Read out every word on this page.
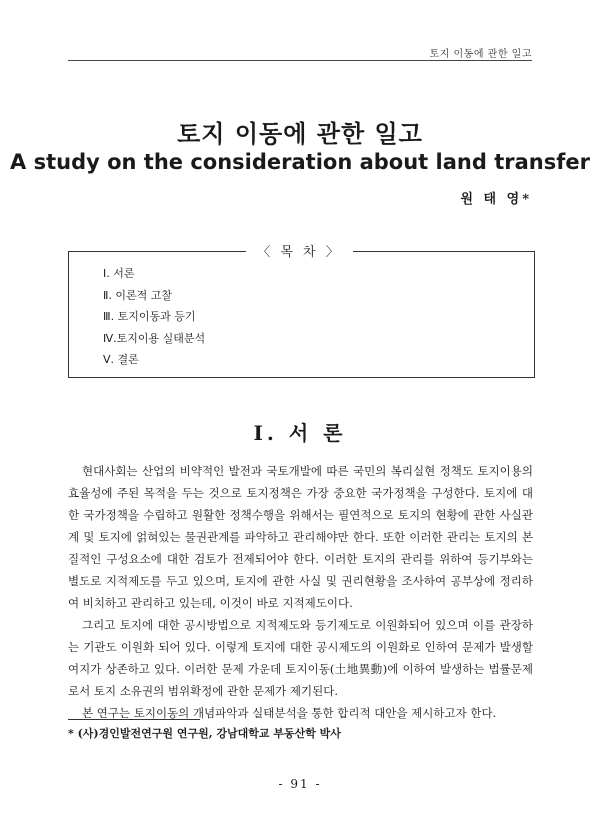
토지 이동에 관한 일고
토지 이동에 관한 일고
A study on the consideration about land transfer
원 태 영*
〈 목 차 〉
Ⅰ. 서론
Ⅱ. 이론적 고찰
Ⅲ. 토지이동과 등기
Ⅳ.토지이용 실태분석
Ⅴ. 결론
Ⅰ. 서 론

현대사회는 산업의 비약적인 발전과 국토개발에 따른 국민의 복리실현 정책도 토지이용의 효율성에 주된 목적을 두는 것으로 토지정책은 가장 중요한 국가정책을 구성한다. 토지에 대한 국가정책을 수립하고 원활한 정책수행을 위해서는 필연적으로 토지의 현황에 관한 사실관계 및 토지에 얽혀있는 물권관계를 파악하고 관리해야만 한다. 또한 이러한 관리는 토지의 본질적인 구성요소에 대한 검토가 전제되어야 한다. 이러한 토지의 관리를 위하여 등기부와는 별도로 지적제도를 두고 있으며, 토지에 관한 사실 및 권리현황을 조사하여 공부상에 정리하여 비치하고 관리하고 있는데, 이것이 바로 지적제도이다.

그리고 토지에 대한 공시방법으로 지적제도와 등기제도로 이원화되어 있으며 이를 관장하는 기관도 이원화 되어 있다. 이렇게 토지에 대한 공시제도의 이원화로 인하여 문제가 발생할 여지가 상존하고 있다. 이러한 문제 가운데 토지이동(土地異動)에 이하여 발생하는 법률문제로서 토지 소유권의 범위확정에 관한 문제가 제기된다.

본 연구는 토지이동의 개념파악과 실태분석을 통한 합리적 대안을 제시하고자 한다.

* (사)경인발전연구원 연구원, 강남대학교 부동산학 박사
- 91 -
